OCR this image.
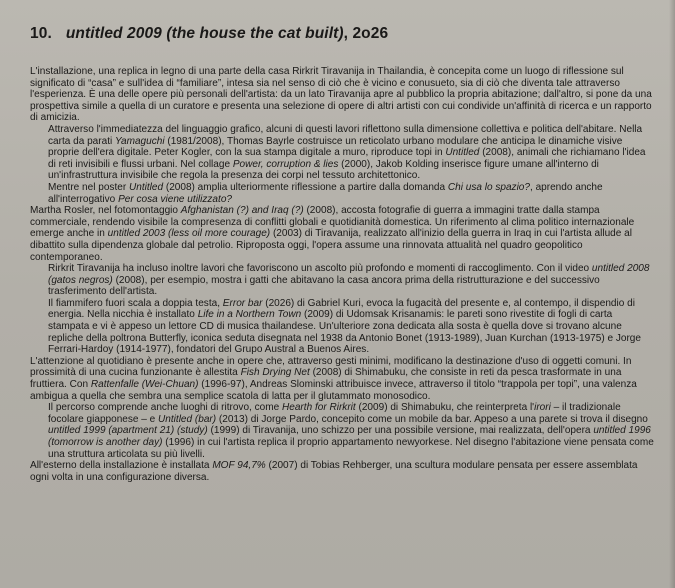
10. untitled 2009 (the house the cat built), 2o26

L'installazione, una replica in legno di una parte della casa Rirkrit Tiravanija in Thailandia, è concepita come un luogo di riflessione sul significato di “casa” e sull'idea di “familiare”, intesa sia nel senso di ciò che è vicino e conusueto, sia di ciò che diventa tale attraverso l'esperienza. È una delle opere più personali dell'artista: da un lato Tiravanija apre al pubblico la propria abitazione; dall'altro, si pone da una prospettiva simile a quella di un curatore e presenta una selezione di opere di altri artisti con cui condivide un'affinità di ricerca e un rapporto di amicizia.

Attraverso l'immediatezza del linguaggio grafico, alcuni di questi lavori riflettono sulla dimensione collettiva e politica dell'abitare. Nella carta da parati Yamaguchi (1981/2008), Thomas Bayrle costruisce un reticolato urbano modulare che anticipa le dinamiche visive proprie dell'era digitale. Peter Kogler, con la sua stampa digitale a muro, riproduce topi in Untitled (2008), animali che richiamano l'idea di reti invisibili e flussi urbani. Nel collage Power, corruption & lies (2000), Jakob Kolding inserisce figure umane all'interno di un'infrastruttura invisibile che regola la presenza dei corpi nel tessuto architettonico.

Mentre nel poster Untitled (2008) amplia ulteriormente riflessione a partire dalla domanda Chi usa lo spazio?, aprendo anche all'interrogativo Per cosa viene utilizzato?

Martha Rosler, nel fotomontaggio Afghanistan (?) and Iraq (?) (2008), accosta fotografie di guerra a immagini tratte dalla stampa commerciale, rendendo visibile la compresenza di conflitti globali e quotidianità domestica. Un riferimento al clima politico internazionale emerge anche in untitled 2003 (less oil more courage) (2003) di Tiravanija, realizzato all'inizio della guerra in Iraq in cui l'artista allude al dibattito sulla dipendenza globale dal petrolio. Riproposta oggi, l'opera assume una rinnovata attualità nel quadro geopolitico contemporaneo.

Rirkrit Tiravanija ha incluso inoltre lavori che favoriscono un ascolto più profondo e momenti di raccoglimento. Con il video untitled 2008 (gatos negros) (2008), per esempio, mostra i gatti che abitavano la casa ancora prima della ristrutturazione e del successivo trasferimento dell'artista.

Il fiammifero fuori scala a doppia testa, Error bar (2026) di Gabriel Kuri, evoca la fugacità del presente e, al contempo, il dispendio di energia. Nella nicchia è installato Life in a Northern Town (2009) di Udomsak Krisanamis: le pareti sono rivestite di fogli di carta stampata e vi è appeso un lettore CD di musica thailandese. Un'ulteriore zona dedicata alla sosta è quella dove si trovano alcune repliche della poltrona Butterfly, iconica seduta disegnata nel 1938 da Antonio Bonet (1913-1989), Juan Kurchan (1913-1975) e Jorge Ferrari-Hardoy (1914-1977), fondatori del Grupo Austral a Buenos Aires.

L'attenzione al quotidiano è presente anche in opere che, attraverso gesti minimi, modificano la destinazione d'uso di oggetti comuni. In prossimità di una cucina funzionante è allestita Fish Drying Net (2008) di Shimabuku, che consiste in reti da pesca trasformate in una fruttiera. Con Rattenfalle (Wei-Chuan) (1996-97), Andreas Slominski attribuisce invece, attraverso il titolo “trappola per topi”, una valenza ambigua a quella che sembra una semplice scatola di latta per il glutammato monosodico.

Il percorso comprende anche luoghi di ritrovo, come Hearth for Rirkrit (2009) di Shimabuku, che reinterpreta l'irori – il tradizionale focolare giapponese – e Untitled (bar) (2013) di Jorge Pardo, concepito come un mobile da bar. Appeso a una parete si trova il disegno untitled 1999 (apartment 21) (study) (1999) di Tiravanija, uno schizzo per una possibile versione, mai realizzata, dell'opera untitled 1996 (tomorrow is another day) (1996) in cui l'artista replica il proprio appartamento newyorkese. Nel disegno l'abitazione viene pensata come una struttura articolata su più livelli.

All'esterno della installazione è installata MOF 94,7% (2007) di Tobias Rehberger, una scultura modulare pensata per essere assemblata ogni volta in una configurazione diversa.
